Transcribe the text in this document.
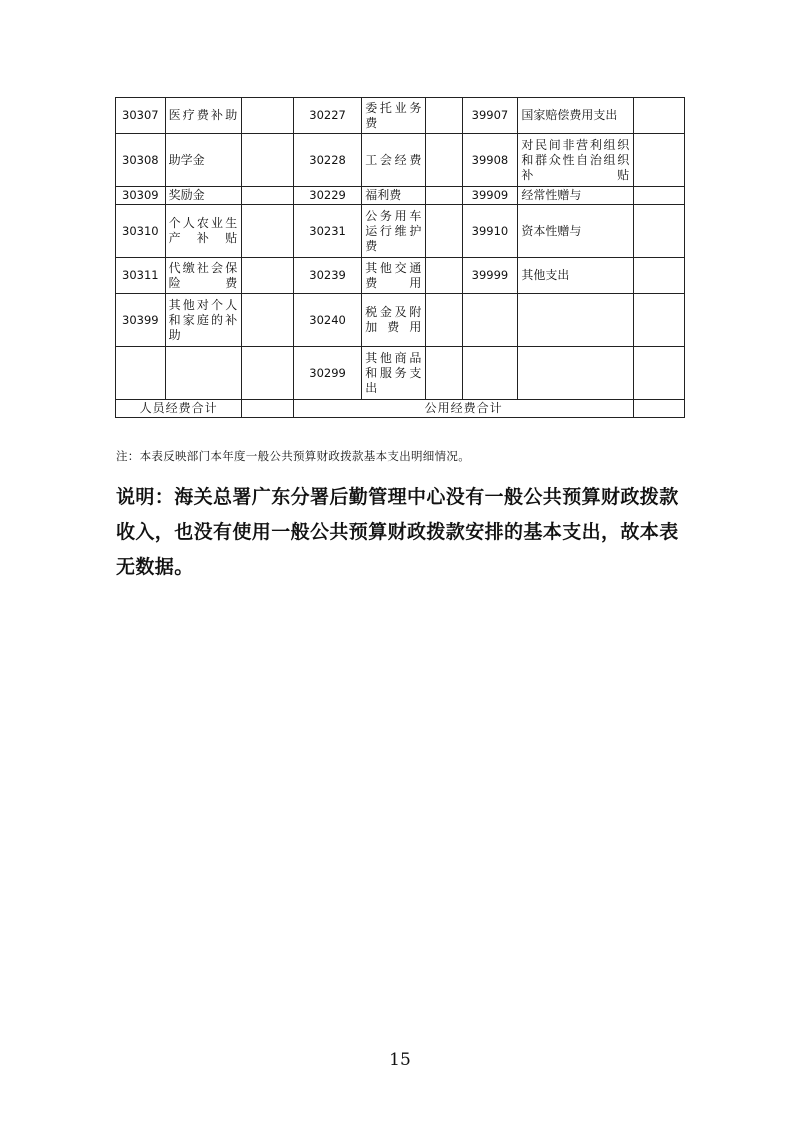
30307	医疗费补助		30227	委托业务费		39907	国家赔偿费用支出	
30308	助学金		30228	工会经费		39908	对民间非营利组织和群众性自治组织补贴	
30309	奖励金		30229	福利费		39909	经常性赠与	
30310	个人农业生产补贴		30231	公务用车运行维护费		39910	资本性赠与	
30311	代缴社会保险费		30239	其他交通费用		39999	其他支出	
30399	其他对个人和家庭的补助		30240	税金及附加费用				
			30299	其他商品和服务支出				
人员经费合计			公用经费合计					
注：本表反映部门本年度一般公共预算财政拨款基本支出明细情况。
说明：海关总署广东分署后勤管理中心没有一般公共预算财政拨款收入，也没有使用一般公共预算财政拨款安排的基本支出，故本表无数据。
15
